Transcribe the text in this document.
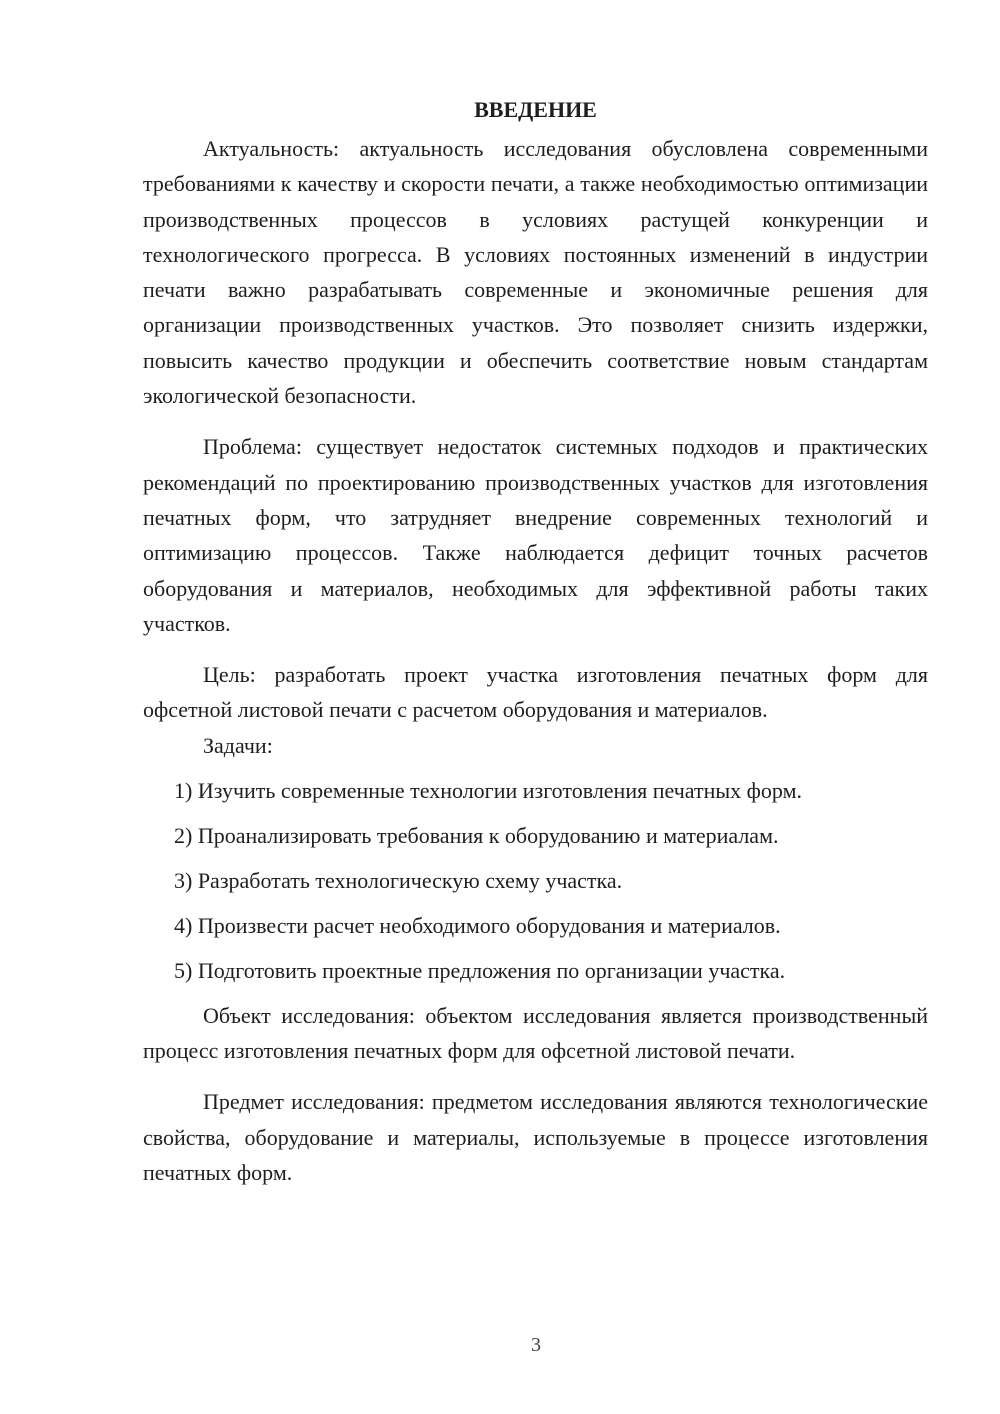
ВВЕДЕНИЕ

Актуальность: актуальность исследования обусловлена современными требованиями к качеству и скорости печати, а также необходимостью оптимизации производственных процессов в условиях растущей конкуренции и технологического прогресса. В условиях постоянных изменений в индустрии печати важно разрабатывать современные и экономичные решения для организации производственных участков. Это позволяет снизить издержки, повысить качество продукции и обеспечить соответствие новым стандартам экологической безопасности.

Проблема: существует недостаток системных подходов и практических рекомендаций по проектированию производственных участков для изготовления печатных форм, что затрудняет внедрение современных технологий и оптимизацию процессов. Также наблюдается дефицит точных расчетов оборудования и материалов, необходимых для эффективной работы таких участков.

Цель: разработать проект участка изготовления печатных форм для офсетной листовой печати с расчетом оборудования и материалов.

Задачи:

1) Изучить современные технологии изготовления печатных форм.
2) Проанализировать требования к оборудованию и материалам.
3) Разработать технологическую схему участка.
4) Произвести расчет необходимого оборудования и материалов.
5) Подготовить проектные предложения по организации участка.

Объект исследования: объектом исследования является производственный процесс изготовления печатных форм для офсетной листовой печати.

Предмет исследования: предметом исследования являются технологические свойства, оборудование и материалы, используемые в процессе изготовления печатных форм.

3
